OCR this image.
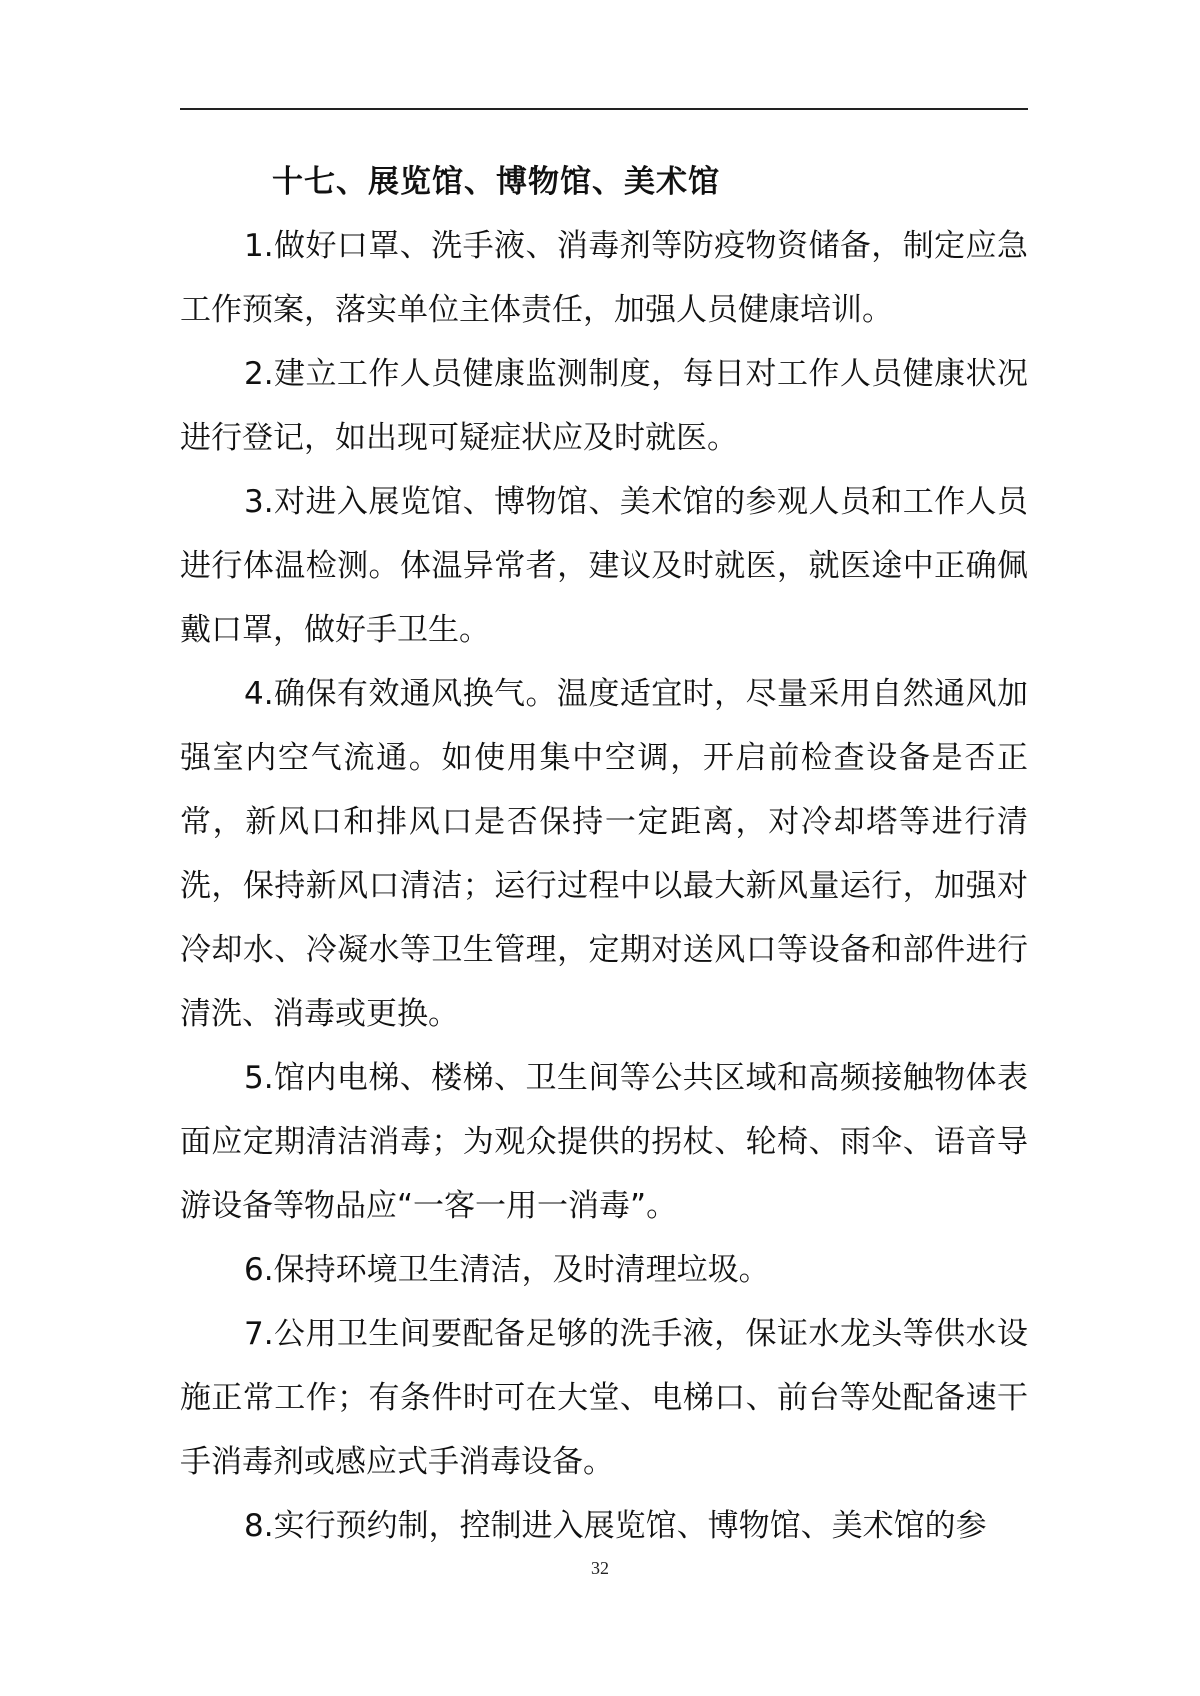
十七、展览馆、博物馆、美术馆

1.做好口罩、洗手液、消毒剂等防疫物资储备，制定应急工作预案，落实单位主体责任，加强人员健康培训。

2.建立工作人员健康监测制度，每日对工作人员健康状况进行登记，如出现可疑症状应及时就医。

3.对进入展览馆、博物馆、美术馆的参观人员和工作人员进行体温检测。体温异常者，建议及时就医，就医途中正确佩戴口罩，做好手卫生。

4.确保有效通风换气。温度适宜时，尽量采用自然通风加强室内空气流通。如使用集中空调，开启前检查设备是否正常，新风口和排风口是否保持一定距离，对冷却塔等进行清洗，保持新风口清洁；运行过程中以最大新风量运行，加强对冷却水、冷凝水等卫生管理，定期对送风口等设备和部件进行清洗、消毒或更换。

5.馆内电梯、楼梯、卫生间等公共区域和高频接触物体表面应定期清洁消毒；为观众提供的拐杖、轮椅、雨伞、语音导游设备等物品应“一客一用一消毒”。

6.保持环境卫生清洁，及时清理垃圾。

7.公用卫生间要配备足够的洗手液，保证水龙头等供水设施正常工作；有条件时可在大堂、电梯口、前台等处配备速干手消毒剂或感应式手消毒设备。

8.实行预约制，控制进入展览馆、博物馆、美术馆的参

32
